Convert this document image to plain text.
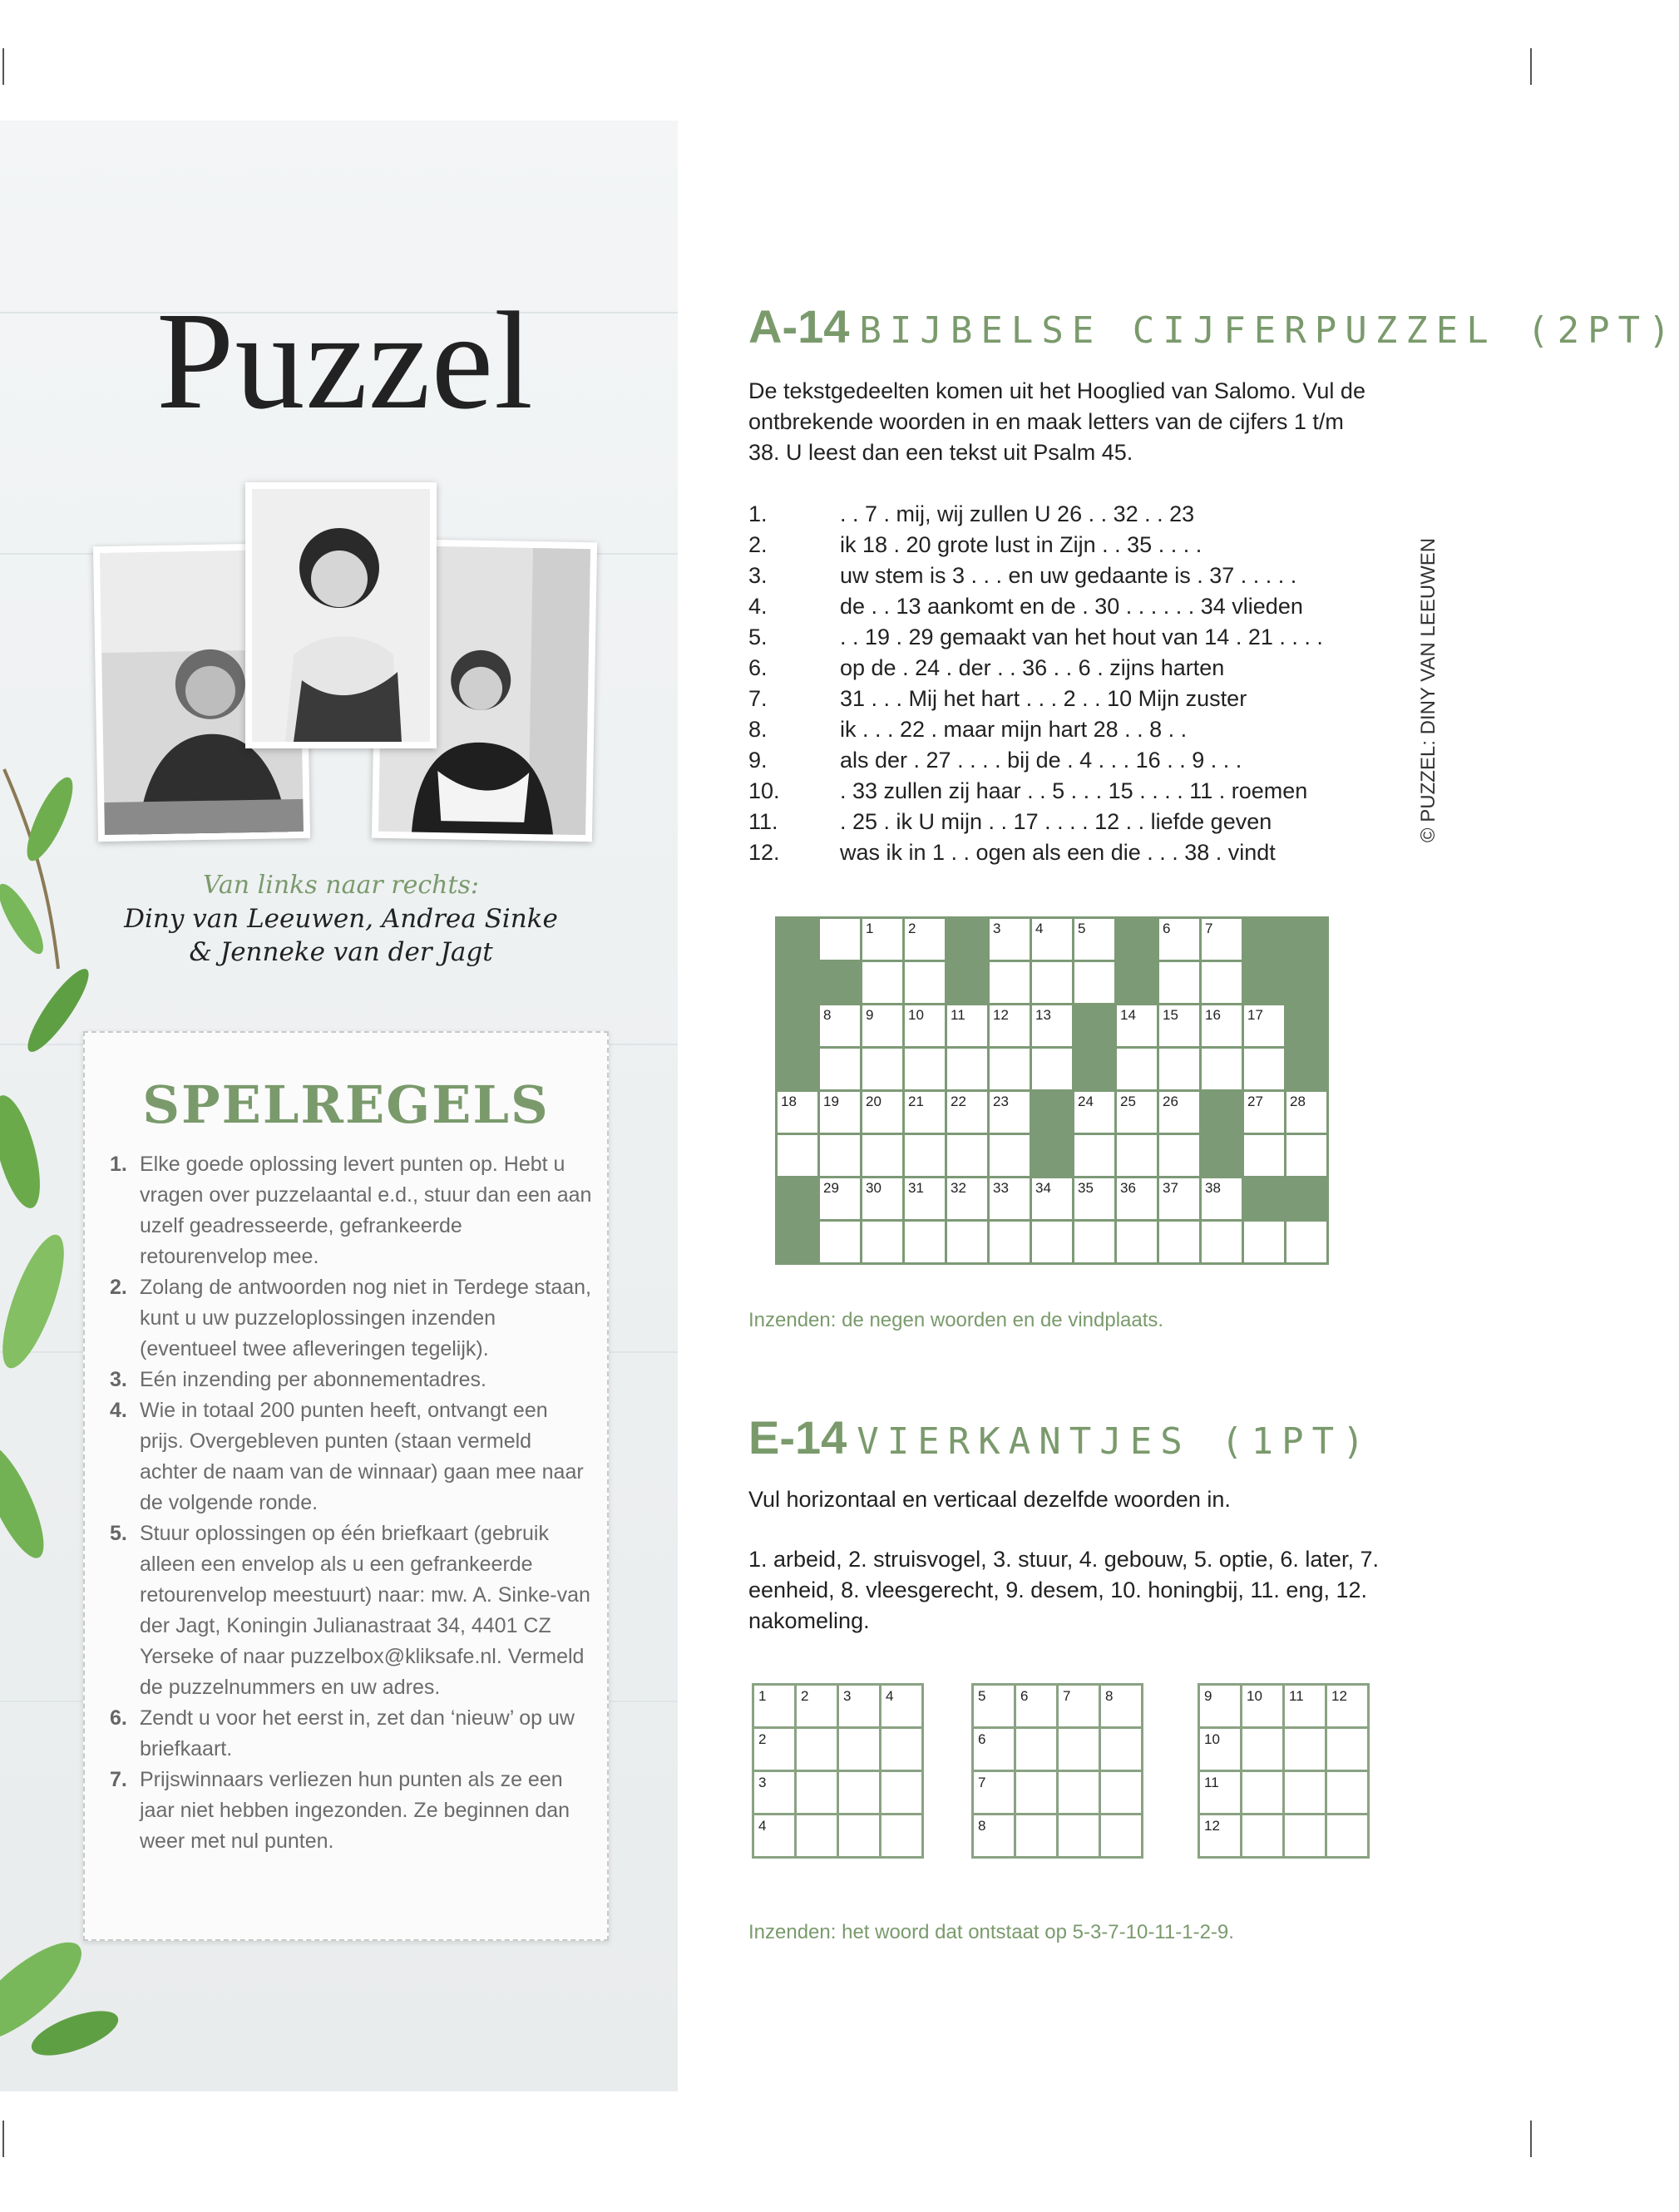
Puzzel
Van links naar rechts:
Diny van Leeuwen, Andrea Sinke
& Jenneke van der Jagt
SPELREGELS
1. Elke goede oplossing levert punten op. Hebt u vragen over puzzelaantal e.d., stuur dan een aan uzelf geadresseerde, gefrankeerde retourenvelop mee.
2. Zolang de antwoorden nog niet in Terdege staan, kunt u uw puzzeloplossingen inzenden (eventueel twee afleveringen tegelijk).
3. Eén inzending per abonnementadres.
4. Wie in totaal 200 punten heeft, ontvangt een prijs. Overgebleven punten (staan vermeld achter de naam van de winnaar) gaan mee naar de volgende ronde.
5. Stuur oplossingen op één briefkaart (gebruik alleen een envelop als u een gefrankeerde retourenvelop meestuurt) naar: mw. A. Sinke-van der Jagt, Koningin Julianastraat 34, 4401 CZ Yerseke of naar puzzelbox@kliksafe.nl. Vermeld de puzzelnummers en uw adres.
6. Zendt u voor het eerst in, zet dan ‘nieuw’ op uw briefkaart.
7. Prijswinnaars verliezen hun punten als ze een jaar niet hebben ingezonden. Ze beginnen dan weer met nul punten.
A-14 BIJBELSE CIJFERPUZZEL (2PT)

De tekstgedeelten komen uit het Hooglied van Salomo. Vul de ontbrekende woorden in en maak letters van de cijfers 1 t/m 38. U leest dan een tekst uit Psalm 45.

1.	. . 7 . mij, wij zullen U 26 . . 32 . . 23
2.	ik 18 . 20 grote lust in Zijn . . 35 . . . .
3.	uw stem is 3 . . . en uw gedaante is . 37 . . . . .
4.	de . . 13 aankomt en de . 30 . . . . . . 34 vlieden
5.	. . 19 . 29 gemaakt van het hout van 14 . 21 . . . .
6.	op de . 24 . der . . 36 . . 6 . zijns harten
7.	31 . . . Mij het hart . . . 2 . . 10 Mijn zuster
8.	ik . . . 22 . maar mijn hart 28 . . 8 . .
9.	als der . 27 . . . . bij de . 4 . . . 16 . . 9 . . .
10.	. 33 zullen zij haar . . 5 . . . 15 . . . . 11 . roemen
11.	. 25 . ik U mijn . . 17 . . . . 12 . . liefde geven
12.	was ik in 1 . . ogen als een die . . . 38 . vindt
© PUZZEL: DINY VAN LEEUWEN

		1	2		3	4	5		6	7		

	8	9	10	11	12	13		14	15	16	17	

18	19	20	21	22	23		24	25	26		27	28

	29	30	31	32	33	34	35	36	37	38		

Inzenden: de negen woorden en de vindplaats.

E-14 VIERKANTJES (1PT)

Vul horizontaal en verticaal dezelfde woorden in.

1. arbeid, 2. struisvogel, 3. stuur, 4. gebouw, 5. optie, 6. later, 7. eenheid, 8. vleesgerecht, 9. desem, 10. honingbij, 11. eng, 12. nakomeling.

1	2	3	4

2			

3			

4			

5	6	7	8

6			

7			

8			

9	10	11	12

10			

11			

12			

Inzenden: het woord dat ontstaat op 5-3-7-10-11-1-2-9.
